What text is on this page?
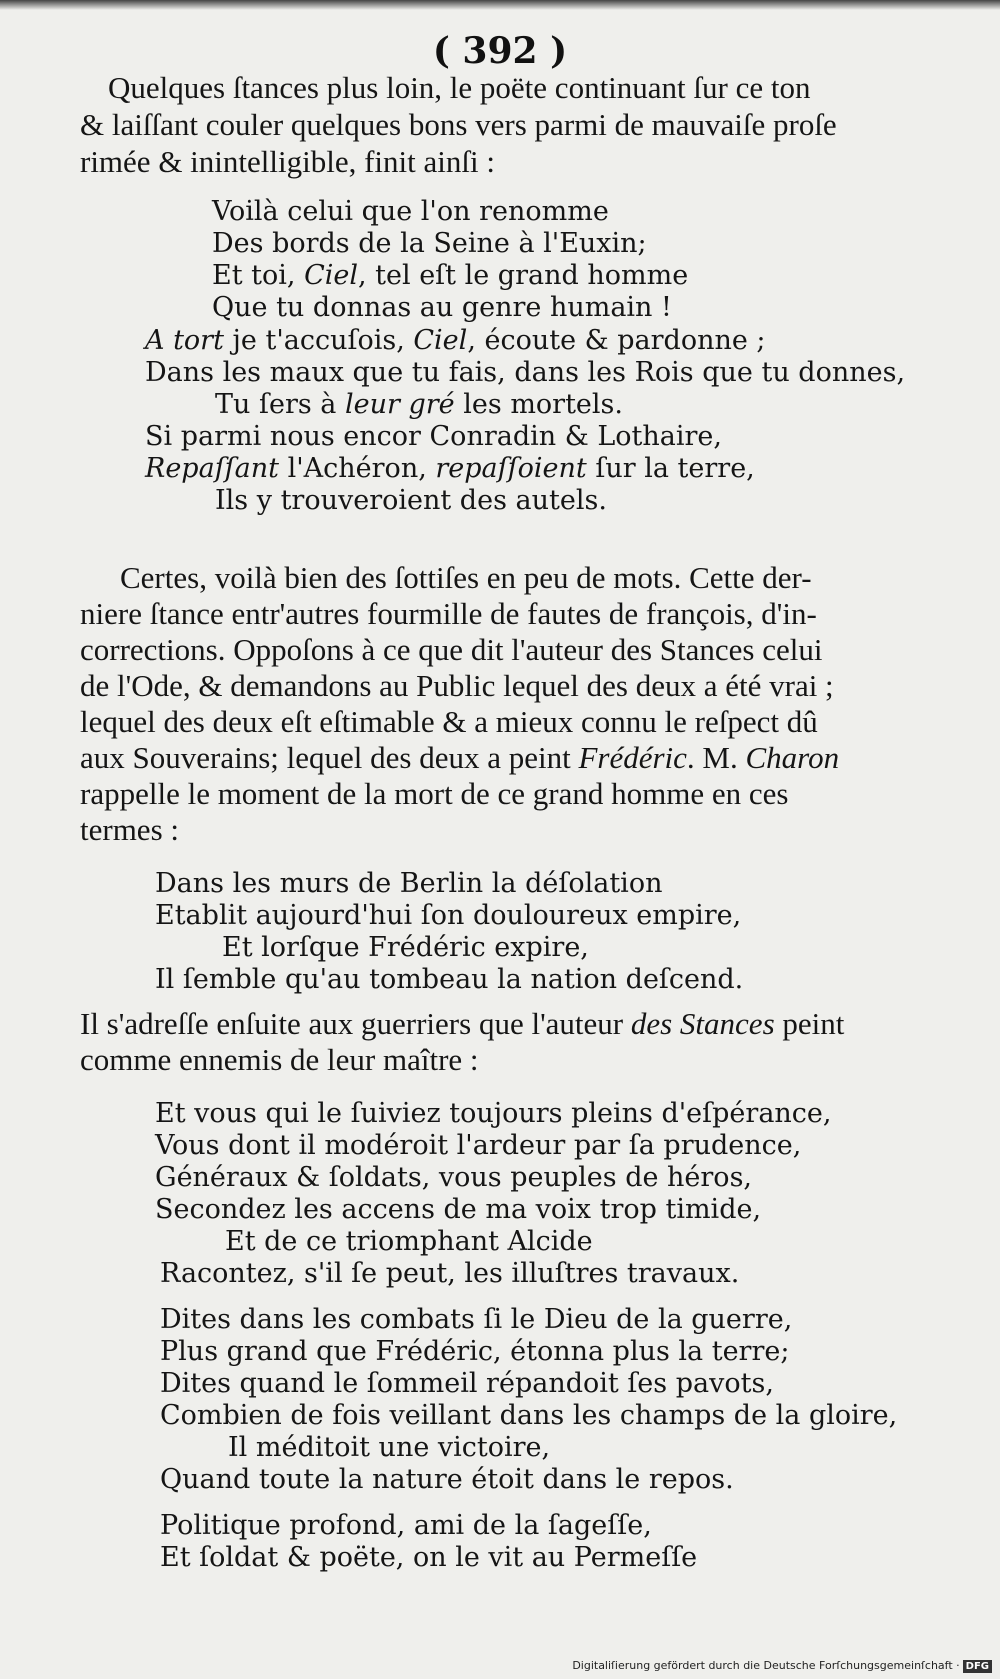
( 392 )
Quelques ſtances plus loin, le poëte continuant ſur ce ton
& laiſſant couler quelques bons vers parmi de mauvaiſe proſe
rimée & inintelligible, finit ainſi :
Voilà celui que l'on renomme
Des bords de la Seine à l'Euxin;
Et toi, Ciel, tel eſt le grand homme
Que tu donnas au genre humain !
A tort je t'accuſois, Ciel, écoute & pardonne ;
Dans les maux que tu fais, dans les Rois que tu donnes,
Tu ſers à leur gré les mortels.
Si parmi nous encor Conradin & Lothaire,
Repaſſant l'Achéron, repaſſoient ſur la terre,
Ils y trouveroient des autels.
Certes, voilà bien des ſottiſes en peu de mots. Cette der-
niere ſtance entr'autres fourmille de fautes de françois, d'in-
corrections. Oppoſons à ce que dit l'auteur des Stances celui
de l'Ode, & demandons au Public lequel des deux a été vrai ;
lequel des deux eſt eſtimable & a mieux connu le reſpect dû
aux Souverains; lequel des deux a peint Frédéric. M. Charon
rappelle le moment de la mort de ce grand homme en ces
termes :
Dans les murs de Berlin la déſolation
Etablit aujourd'hui ſon douloureux empire,
Et lorſque Frédéric expire,
Il ſemble qu'au tombeau la nation deſcend.
Il s'adreſſe enſuite aux guerriers que l'auteur des Stances peint
comme ennemis de leur maître :
Et vous qui le ſuiviez toujours pleins d'eſpérance,
Vous dont il modéroit l'ardeur par ſa prudence,
Généraux & ſoldats, vous peuples de héros,
Secondez les accens de ma voix trop timide,
Et de ce triomphant Alcide
Racontez, s'il ſe peut, les illuſtres travaux.
Dites dans les combats ſi le Dieu de la guerre,
Plus grand que Frédéric, étonna plus la terre;
Dites quand le ſommeil répandoit ſes pavots,
Combien de fois veillant dans les champs de la gloire,
Il méditoit une victoire,
Quand toute la nature étoit dans le repos.
Politique profond, ami de la ſageſſe,
Et ſoldat & poëte, on le vit au Permeſſe
Digitaliſierung gefördert durch die Deutsche Forſchungsgemeinſchaft · DFG
